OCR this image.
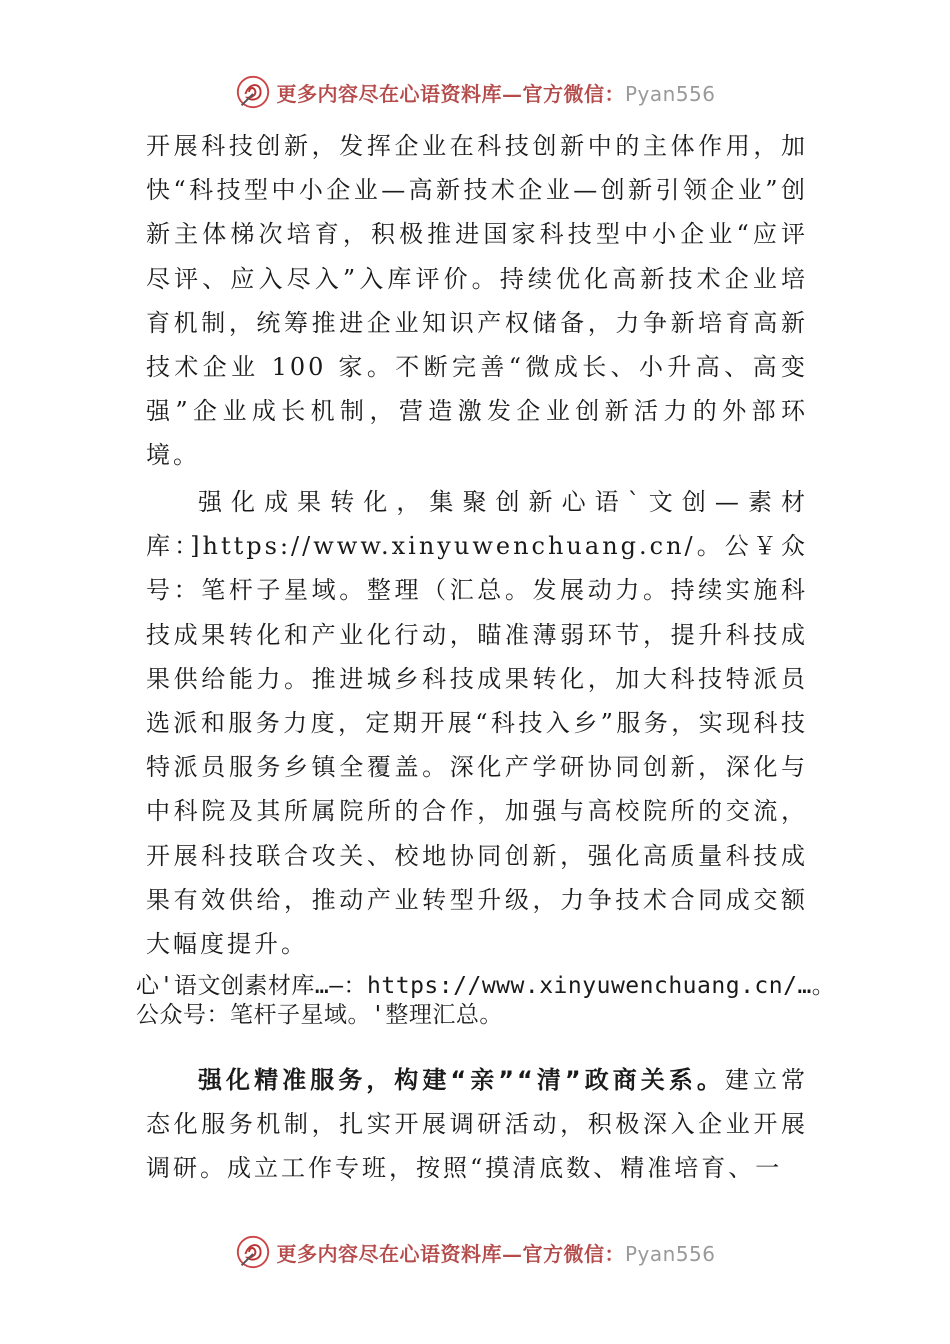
更多内容尽在心语资料库—官方微信：Pyan556

开展科技创新，发挥企业在科技创新中的主体作用，加快“科技型中小企业—高新技术企业—创新引领企业”创新主体梯次培育，积极推进国家科技型中小企业“应评尽评、应入尽入”入库评价。持续优化高新技术企业培育机制，统筹推进企业知识产权储备，力争新培育高新技术企业 100 家。不断完善“微成长、小升高、高变强”企业成长机制，营造激发企业创新活力的外部环境。

强化成果转化，集聚创新心语`文创—素材库：]https://www.xinyuwenchuang.cn/。公￥众号：笔杆子星域。整理（汇总。发展动力。持续实施科技成果转化和产业化行动，瞄准薄弱环节，提升科技成果供给能力。推进城乡科技成果转化，加大科技特派员选派和服务力度，定期开展“科技入乡”服务，实现科技特派员服务乡镇全覆盖。深化产学研协同创新，深化与中科院及其所属院所的合作，加强与高校院所的交流，开展科技联合攻关、校地协同创新，强化高质量科技成果有效供给，推动产业转型升级，力争技术合同成交额大幅度提升。

心'语文创素材库…—：https://www.xinyuwenchuang.cn/…。公众号：笔杆子星域。'整理汇总。

强化精准服务，构建“亲”“清”政商关系。建立常态化服务机制，扎实开展调研活动，积极深入企业开展调研。成立工作专班，按照“摸清底数、精准培育、一

更多内容尽在心语资料库—官方微信：Pyan556
